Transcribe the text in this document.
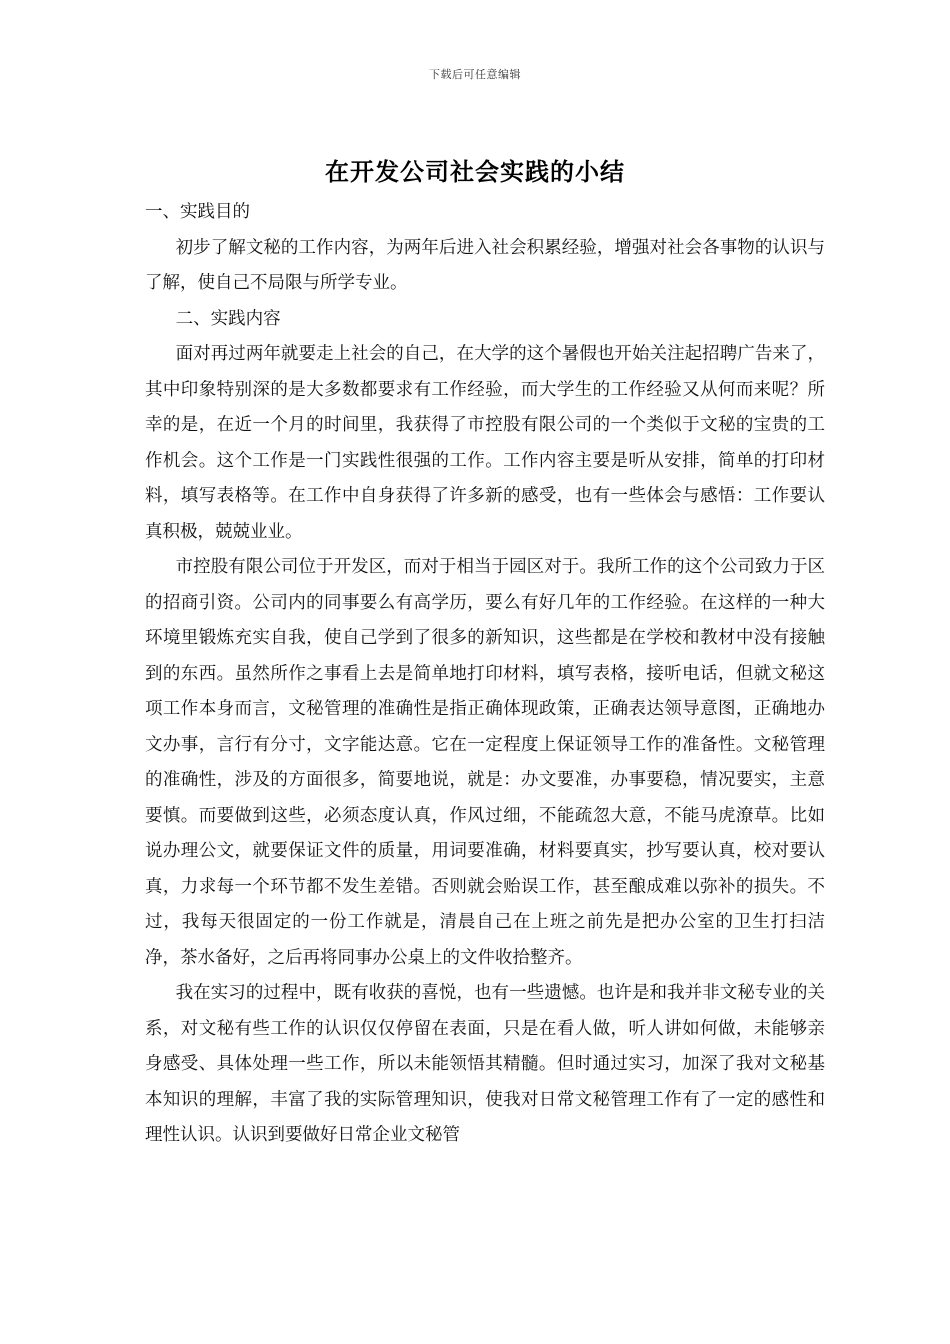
下载后可任意编辑
在开发公司社会实践的小结

一、实践目的

初步了解文秘的工作内容，为两年后进入社会积累经验，增强对社会各事物的认识与了解，使自己不局限与所学专业。

二、实践内容

面对再过两年就要走上社会的自己，在大学的这个暑假也开始关注起招聘广告来了，其中印象特别深的是大多数都要求有工作经验，而大学生的工作经验又从何而来呢？所幸的是，在近一个月的时间里，我获得了市控股有限公司的一个类似于文秘的宝贵的工作机会。这个工作是一门实践性很强的工作。工作内容主要是听从安排，简单的打印材料，填写表格等。在工作中自身获得了许多新的感受，也有一些体会与感悟：工作要认真积极，兢兢业业。

市控股有限公司位于开发区，而对于相当于园区对于。我所工作的这个公司致力于区的招商引资。公司内的同事要么有高学历，要么有好几年的工作经验。在这样的一种大环境里锻炼充实自我，使自己学到了很多的新知识，这些都是在学校和教材中没有接触到的东西。虽然所作之事看上去是简单地打印材料，填写表格，接听电话，但就文秘这项工作本身而言，文秘管理的准确性是指正确体现政策，正确表达领导意图，正确地办文办事，言行有分寸，文字能达意。它在一定程度上保证领导工作的准备性。文秘管理的准确性，涉及的方面很多，简要地说，就是：办文要准，办事要稳，情况要实，主意要慎。而要做到这些，必须态度认真，作风过细，不能疏忽大意，不能马虎潦草。比如说办理公文，就要保证文件的质量，用词要准确，材料要真实，抄写要认真，校对要认真，力求每一个环节都不发生差错。否则就会贻误工作，甚至酿成难以弥补的损失。不过，我每天很固定的一份工作就是，清晨自己在上班之前先是把办公室的卫生打扫洁净，茶水备好，之后再将同事办公桌上的文件收拾整齐。

我在实习的过程中，既有收获的喜悦，也有一些遗憾。也许是和我并非文秘专业的关系，对文秘有些工作的认识仅仅停留在表面，只是在看人做，听人讲如何做，未能够亲身感受、具体处理一些工作，所以未能领悟其精髓。但时通过实习，加深了我对文秘基本知识的理解，丰富了我的实际管理知识，使我对日常文秘管理工作有了一定的感性和理性认识。认识到要做好日常企业文秘管
